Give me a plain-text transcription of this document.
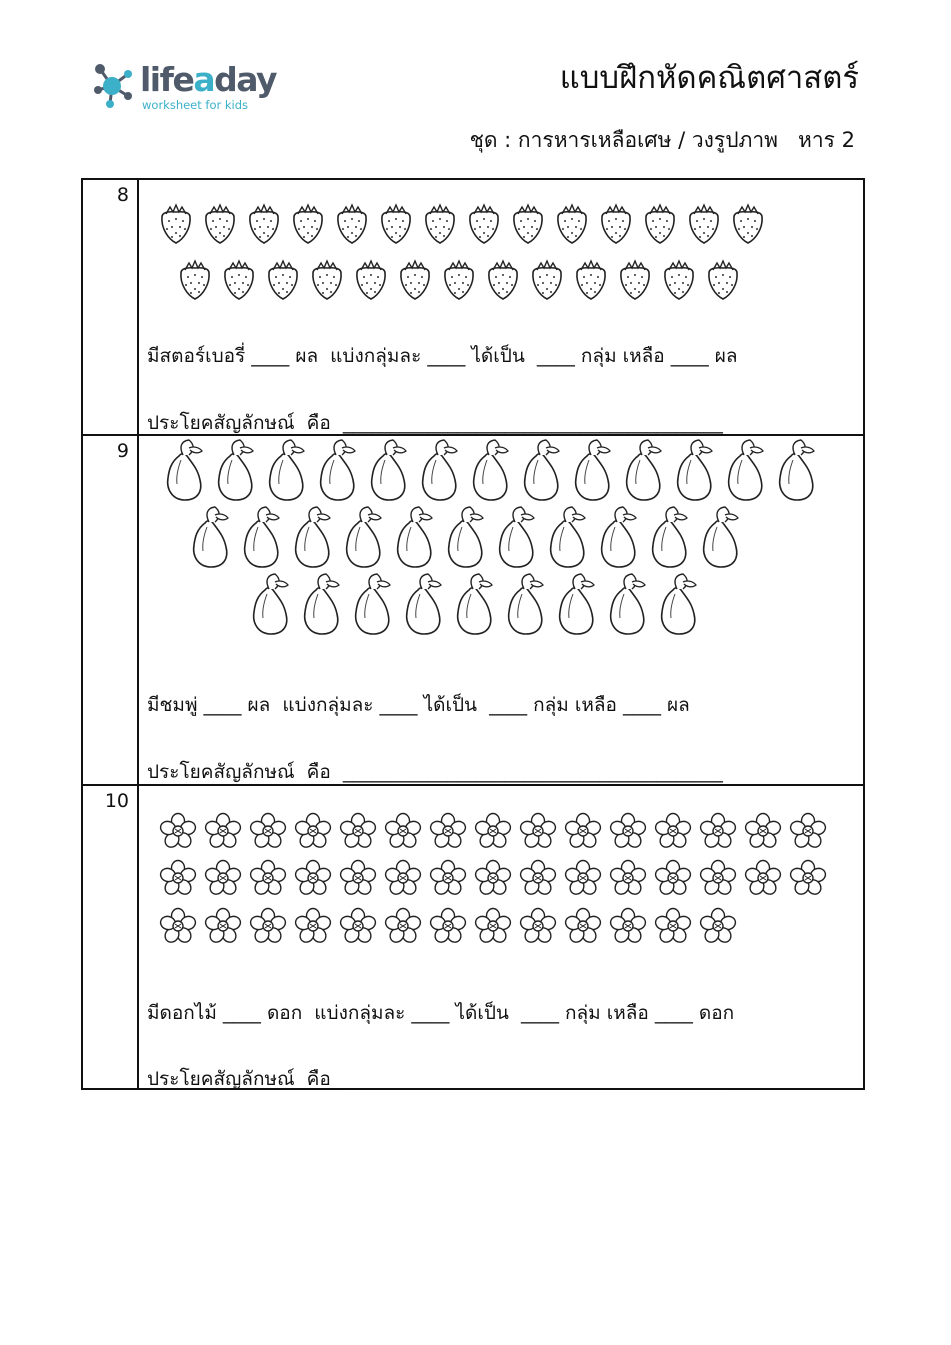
lifeaday
worksheet for kids
แบบฝึกหัดคณิตศาสตร์
ชุด : การหารเหลือเศษ / วงรูปภาพ   หาร 2
8	มีสตอร์เบอรี่ ____ ผล  แบ่งกลุ่มละ ____ ได้เป็น  ____ กลุ่ม เหลือ ____ ผล
ประโยคสัญลักษณ์  คือ  ________________________________________

9	มีชมพู่ ____ ผล  แบ่งกลุ่มละ ____ ได้เป็น  ____ กลุ่ม เหลือ ____ ผล
ประโยคสัญลักษณ์  คือ  ________________________________________

10	มีดอกไม้ ____ ดอก  แบ่งกลุ่มละ ____ ได้เป็น  ____ กลุ่ม เหลือ ____ ดอก
ประโยคสัญลักษณ์  คือ  ________________________________________
